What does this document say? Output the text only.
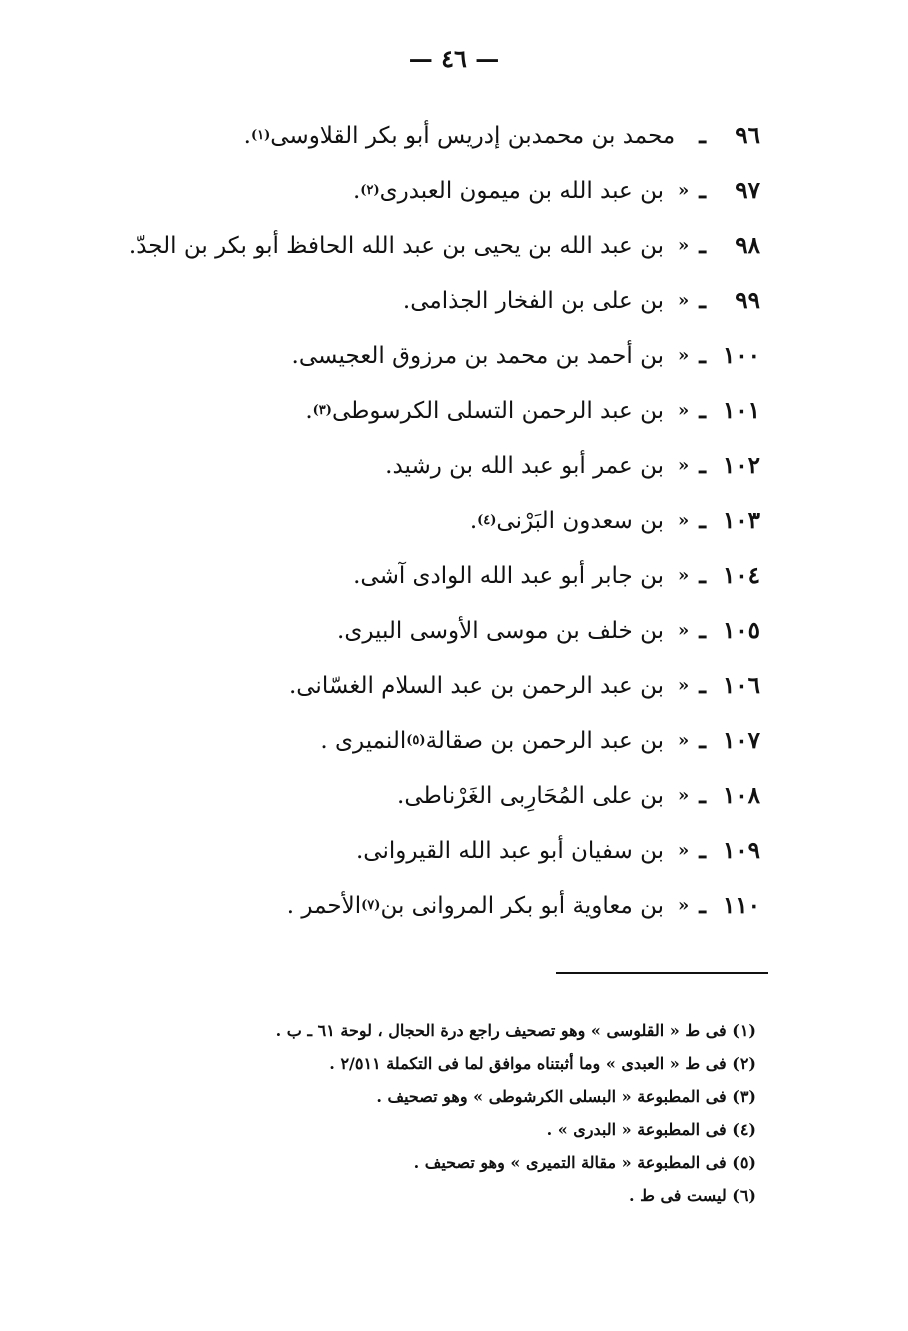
— ٤٦ —
٩٦
ـ
محمد بن محمدبن إدريس أبو بكر القلاوسى
(١)
.
٩٧
ـ
«
بن عبد الله بن ميمون العبدرى
(٢)
.
٩٨
ـ
«
بن عبد الله بن يحيى بن عبد الله الحافظ أبو بكر بن الجدّ
.
٩٩
ـ
«
بن على بن الفخار الجذامى
.
١٠٠
ـ
«
بن أحمد بن محمد بن مرزوق العجيسى
.
١٠١
ـ
«
بن عبد الرحمن التسلى الكرسوطى
(٣)
.
١٠٢
ـ
«
بن عمر أبو عبد الله بن رشيد
.
١٠٣
ـ
«
بن سعدون البَرْنى
(٤)
.
١٠٤
ـ
«
بن جابر أبو عبد الله الوادى آشى
.
١٠٥
ـ
«
بن خلف بن موسى الأوسى البيرى
.
١٠٦
ـ
«
بن عبد الرحمن بن عبد السلام الغسّانى
.
١٠٧
ـ
«
بن عبد الرحمن بن صقالة
(٥)
النميرى .
١٠٨
ـ
«
بن على المُحَارِبى الغَرْناطى
.
١٠٩
ـ
«
بن سفيان أبو عبد الله القيروانى
.
١١٠
ـ
«
بن معاوية أبو بكر المروانى بن
(٧)
الأحمر .
(١) فى ط « القلوسى » وهو تصحيف راجع درة الحجال ، لوحة ٦١ ـ ب .
(٢) فى ط « العبدى » وما أثبتناه موافق لما فى التكملة ٢/٥١١ .
(٣) فى المطبوعة « البسلى الكرشوطى » وهو تصحيف .
(٤) فى المطبوعة « البدرى » .
(٥) فى المطبوعة « مقالة التميرى » وهو تصحيف .
(٦) ليست فى ط .
